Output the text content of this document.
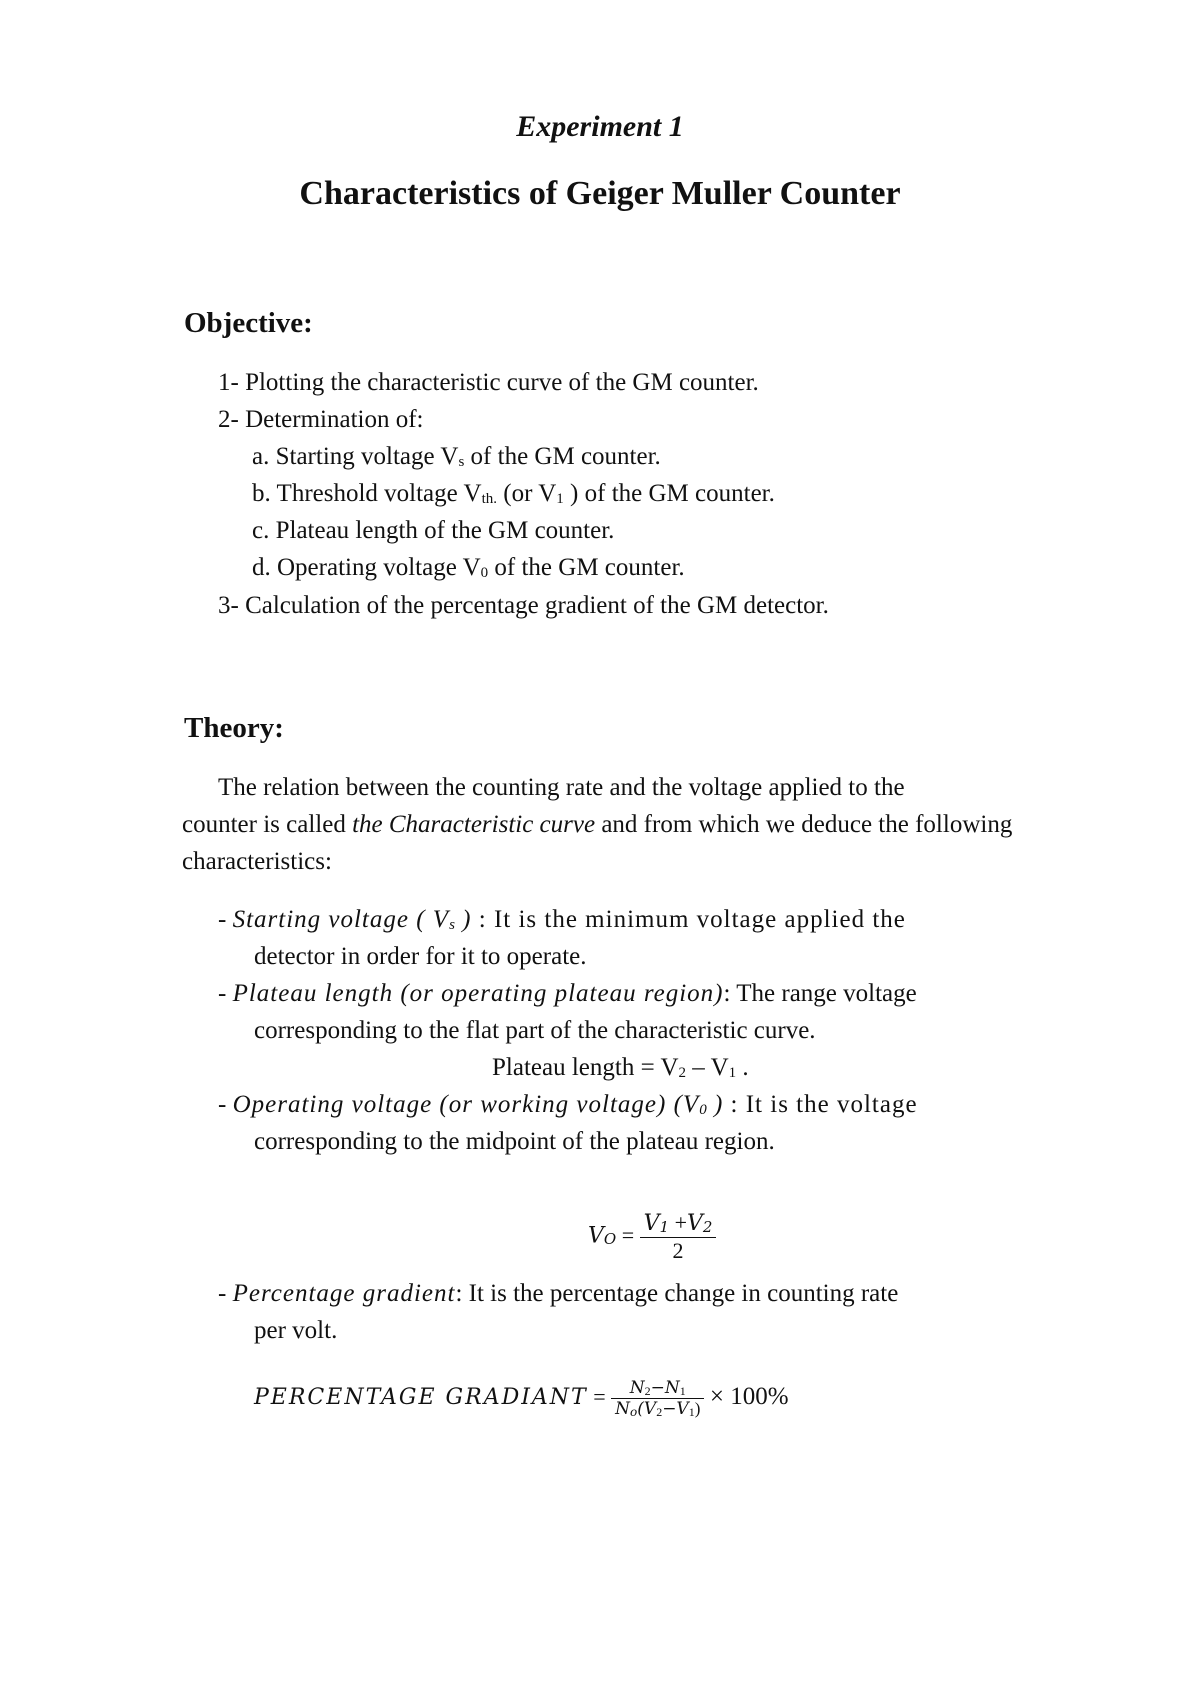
Experiment 1
Characteristics of Geiger Muller Counter
Objective:
1- Plotting the characteristic curve of the GM counter.
2- Determination of:
a. Starting voltage Vs of the GM counter.
b. Threshold voltage Vth. (or V1 ) of the GM counter.
c. Plateau length of the GM counter.
d. Operating voltage V0 of the GM counter.
3- Calculation of the percentage gradient of the GM detector.
Theory:
The relation between the counting rate and the voltage applied to the
counter is called the Characteristic curve and from which we deduce the following
characteristics:
- Starting voltage ( Vs ) : It is the minimum voltage applied the
detector in order for it to operate.
- Plateau length (or operating plateau region): The range voltage
corresponding to the flat part of the characteristic curve.
Plateau length = V2 – V1 .
- Operating voltage (or working voltage) (V0 ) : It is the voltage
corresponding to the midpoint of the plateau region.
VO = $\frac{V1 +V2}{2}$
- Percentage gradient: It is the percentage change in counting rate
per volt.
PERCENTAGE GRADIANT = $\frac{N2-N1}{No(V2-V1)} \times 100\%$
